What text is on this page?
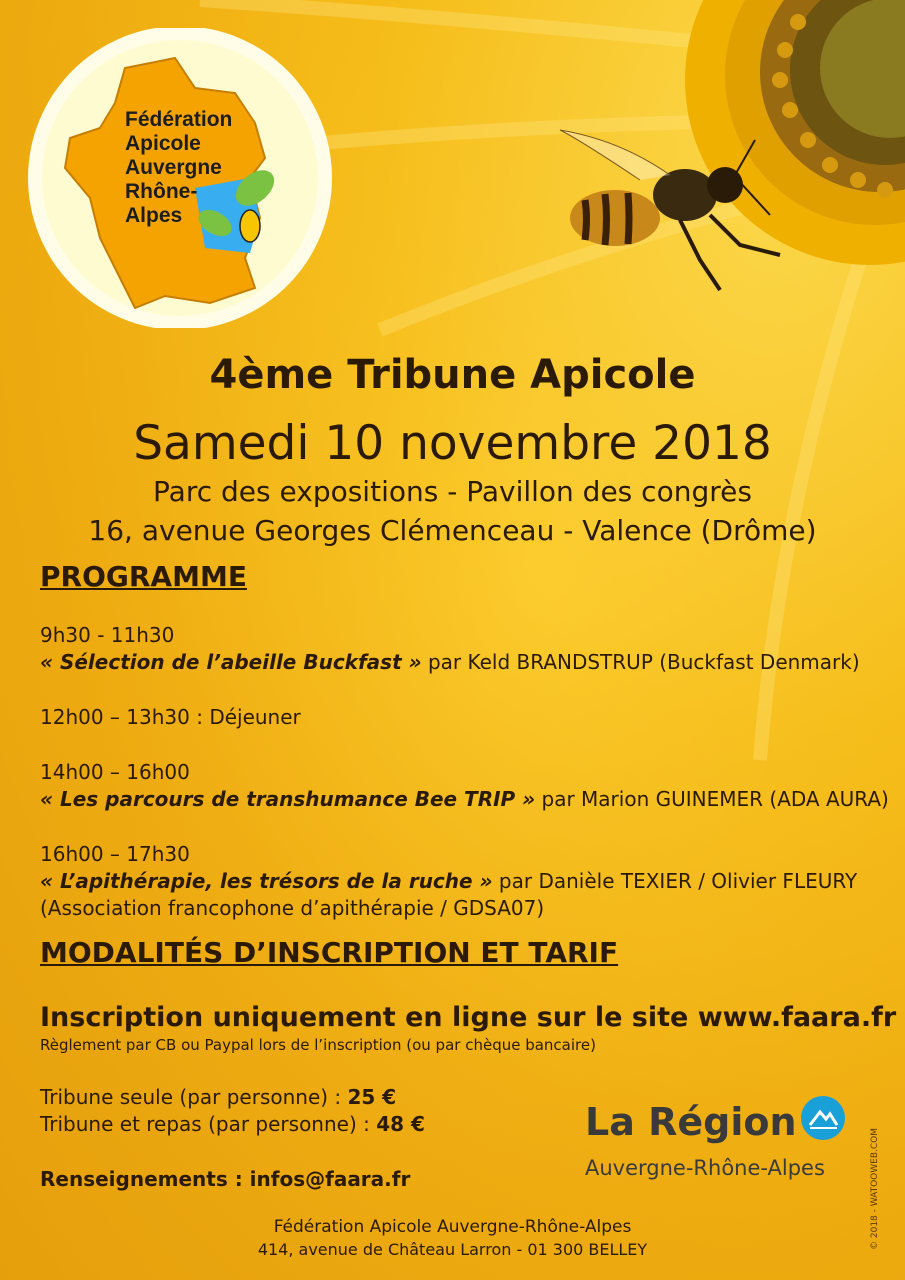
Fédération
Apicole
Auvergne
Rhône-
Alpes
4ème Tribune Apicole
Samedi 10 novembre 2018
Parc des expositions - Pavillon des congrès
16, avenue Georges Clémenceau - Valence (Drôme)
PROGRAMME
9h30 - 11h30
« Sélection de l’abeille Buckfast » par Keld BRANDSTRUP (Buckfast Denmark)
12h00 – 13h30 : Déjeuner
14h00 – 16h00
« Les parcours de transhumance Bee TRIP » par Marion GUINEMER (ADA AURA)
16h00 – 17h30
« L’apithérapie, les trésors de la ruche » par Danièle TEXIER / Olivier FLEURY
(Association francophone d’apithérapie / GDSA07)
MODALITÉS D’INSCRIPTION ET TARIF
Inscription uniquement en ligne sur le site www.faara.fr
Règlement par CB ou Paypal lors de l’inscription (ou par chèque bancaire)
Tribune seule (par personne) : 25 €
Tribune et repas (par personne) : 48 €
Renseignements : infos@faara.fr
La Région
Auvergne-Rhône-Alpes
Fédération Apicole Auvergne-Rhône-Alpes
414, avenue de Château Larron - 01 300 BELLEY	© 2018 - WATOOWEB.COM
